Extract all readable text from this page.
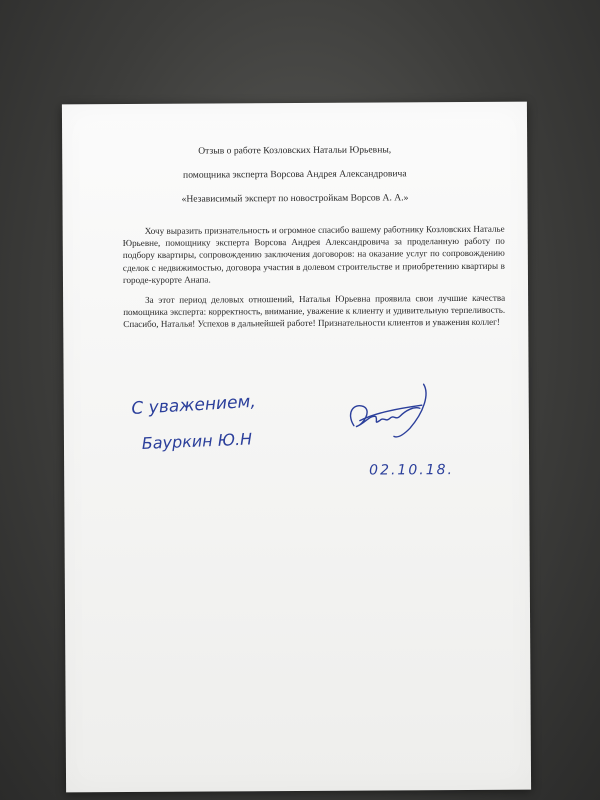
Отзыв о работе Козловских Натальи Юрьевны,
помощника эксперта Ворсова Андрея Александровича
«Независимый эксперт по новостройкам Ворсов А. А.»

Хочу выразить признательность и огромное спасибо вашему работнику Козловских Наталье Юрьевне, помощнику эксперта Ворсова Андрея Александровича за проделанную работу по подбору квартиры, сопровождению заключения договоров: на оказание услуг по сопровождению сделок с недвижимостью, договора участия в долевом строительстве и приобретению квартиры в городе-курорте Анапа.

За этот период деловых отношений, Наталья Юрьевна проявила свои лучшие качества помощника эксперта: корректность, внимание, уважение к клиенту и удивительную терпеливость. Спасибо, Наталья! Успехов в дальнейшей работе! Признательности клиентов и уважения коллег!

С уважением,
Бауркин Ю.Н
02.10.18.
